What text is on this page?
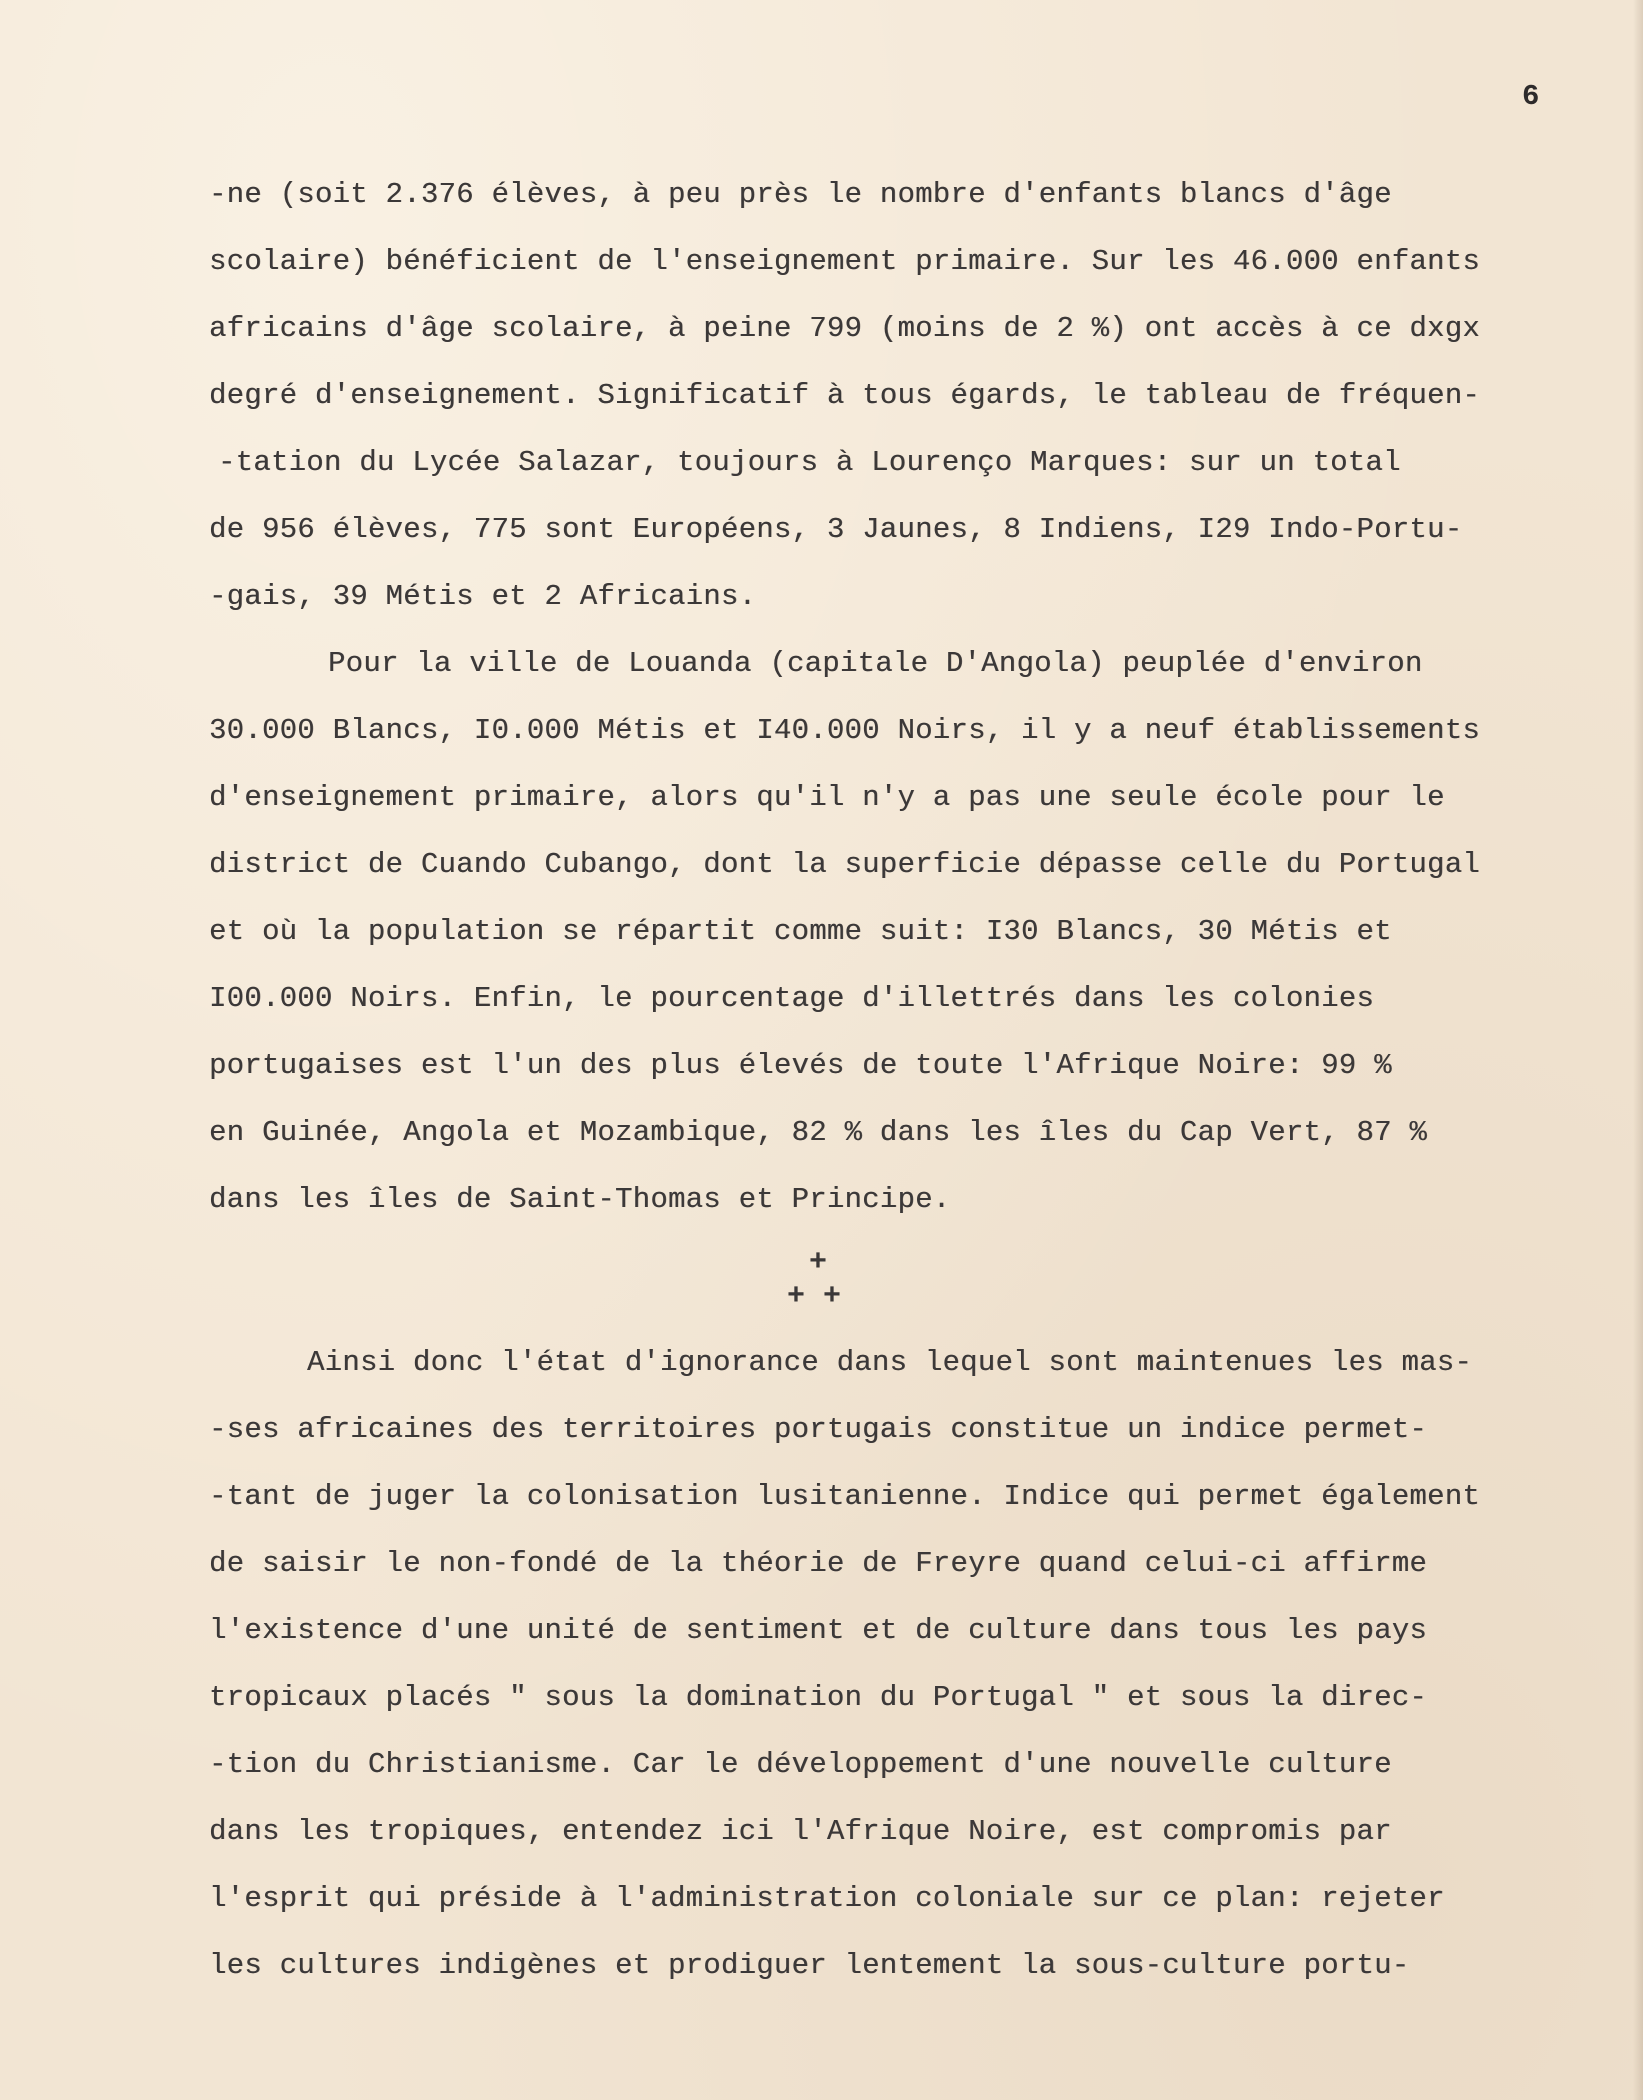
6
-ne (soit 2.376 élèves, à peu près le nombre d'enfants blancs d'âge
scolaire) bénéficient de l'enseignement primaire. Sur les 46.000 enfants
africains d'âge scolaire, à peine 799 (moins de 2 %) ont accès à ce dxgx
degré d'enseignement. Significatif à tous égards, le tableau de fréquen-
-tation du Lycée Salazar, toujours à Lourenço Marques: sur un total
de 956 élèves, 775 sont Européens, 3 Jaunes, 8 Indiens, I29 Indo-Portu-
-gais, 39 Métis et 2 Africains.
Pour la ville de Louanda (capitale D'Angola) peuplée d'environ
30.000 Blancs, I0.000 Métis et I40.000 Noirs, il y a neuf établissements
d'enseignement primaire, alors qu'il n'y a pas une seule école pour le
district de Cuando Cubango, dont la superficie dépasse celle du Portugal
et où la population se répartit comme suit: I30 Blancs, 30 Métis et
I00.000 Noirs. Enfin, le pourcentage d'illettrés dans les colonies
portugaises est l'un des plus élevés de toute l'Afrique Noire: 99 %
en Guinée, Angola et Mozambique, 82 % dans les îles du Cap Vert, 87 %
dans les îles de Saint-Thomas et Principe.
+
+ +
Ainsi donc l'état d'ignorance dans lequel sont maintenues les mas-
-ses africaines des territoires portugais constitue un indice permet-
-tant de juger la colonisation lusitanienne. Indice qui permet également
de saisir le non-fondé de la théorie de Freyre quand celui-ci affirme
l'existence d'une unité de sentiment et de culture dans tous les pays
tropicaux placés " sous la domination du Portugal " et sous la direc-
-tion du Christianisme. Car le développement d'une nouvelle culture
dans les tropiques, entendez ici l'Afrique Noire, est compromis par
l'esprit qui préside à l'administration coloniale sur ce plan: rejeter
les cultures indigènes et prodiguer lentement la sous-culture portu-
